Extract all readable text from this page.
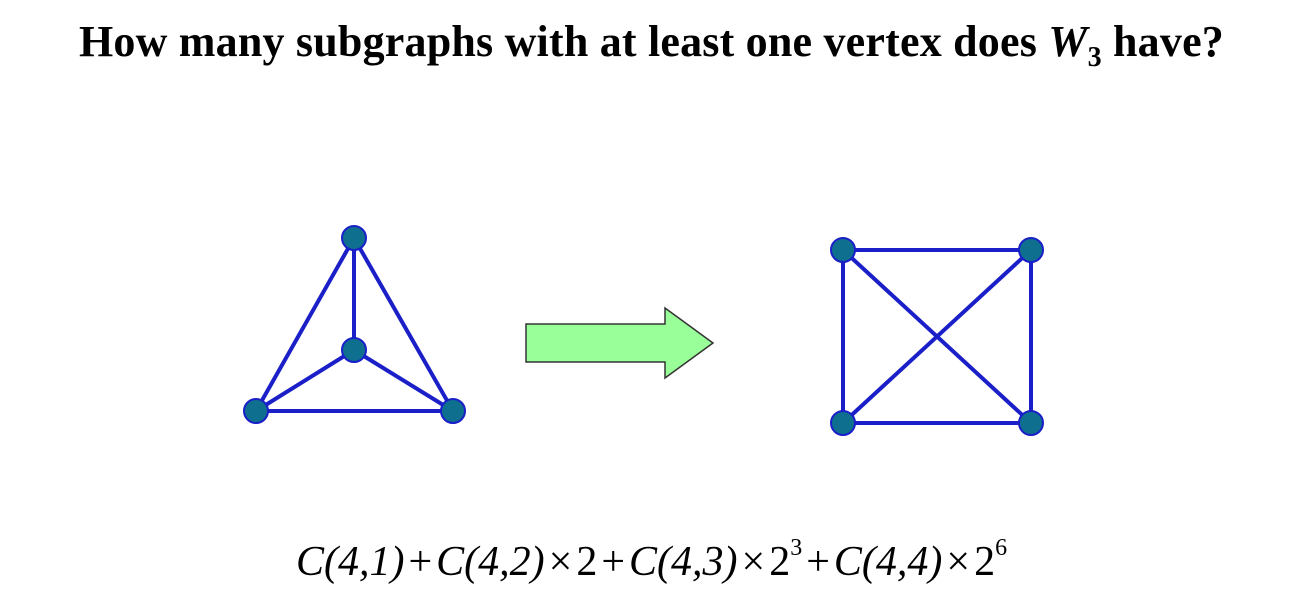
How many subgraphs with at least one vertex does $W_3$ have?
$C(4,1)+C(4,2)\times 2+C(4,3)\times 2^3+C(4,4)\times 2^6$
